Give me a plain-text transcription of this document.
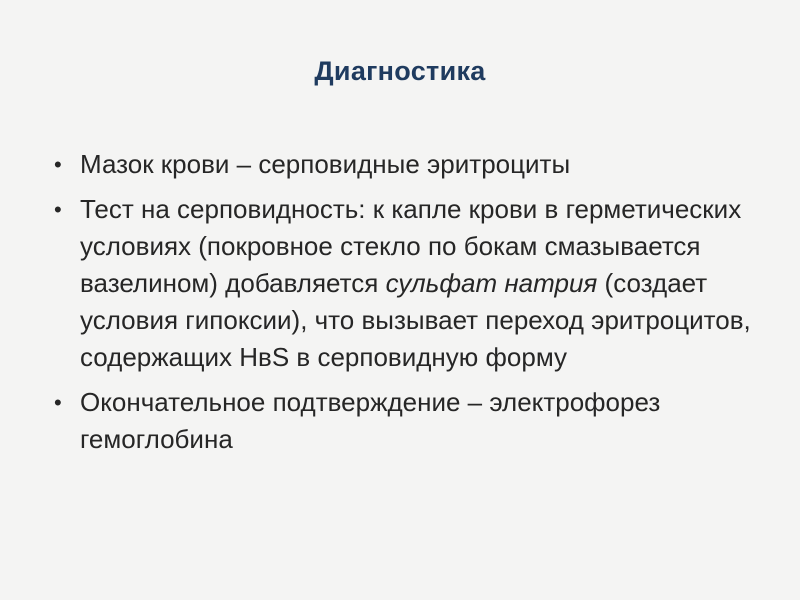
Диагностика
• Мазок крови – серповидные эритроциты
• Тест на серповидность: к капле крови в герметических условиях (покровное стекло по бокам смазывается вазелином) добавляется сульфат натрия (создает условия гипоксии), что вызывает переход эритроцитов, содержащих НвS в серповидную форму
• Окончательное подтверждение – электрофорез гемоглобина
